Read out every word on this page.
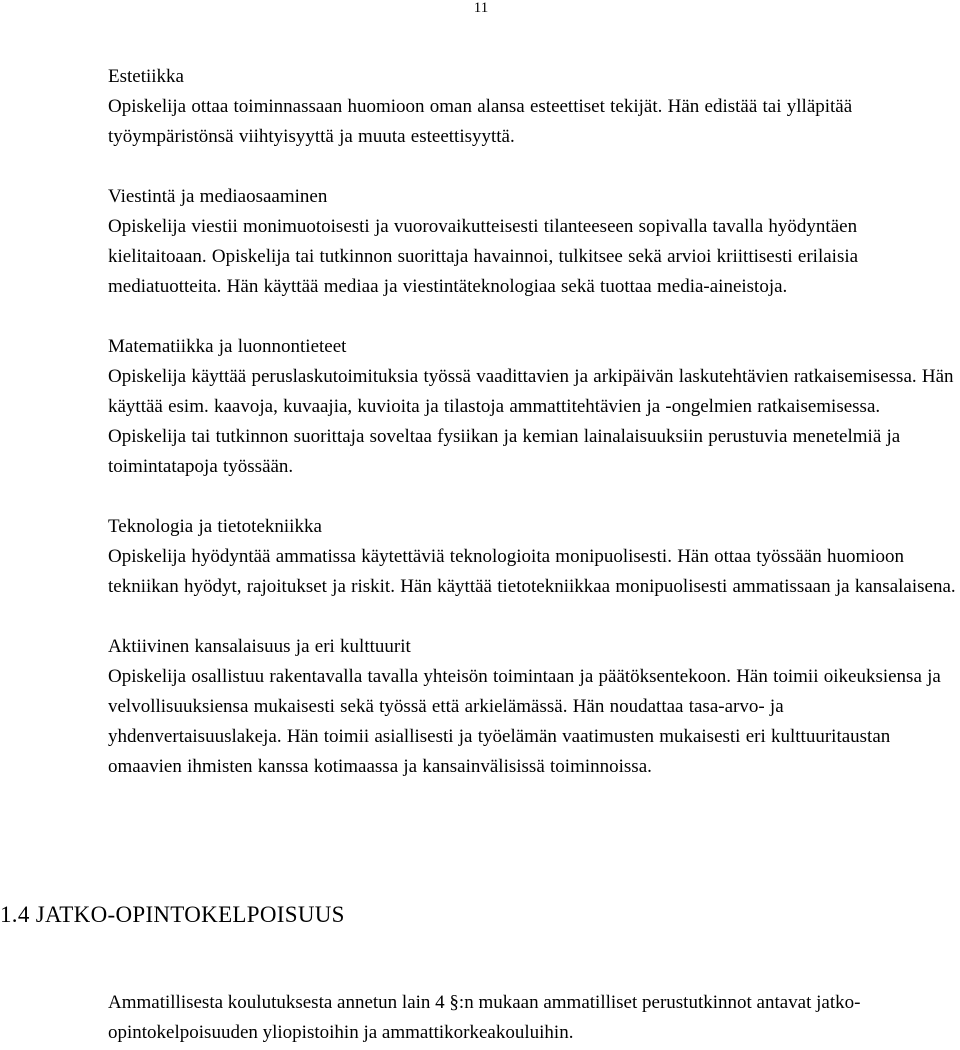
11
Estetiikka
Opiskelija ottaa toiminnassaan huomioon oman alansa esteettiset tekijät. Hän edistää tai ylläpitää työympäristönsä viihtyisyyttä ja muuta esteettisyyttä.
Viestintä ja mediaosaaminen
Opiskelija viestii monimuotoisesti ja vuorovaikutteisesti tilanteeseen sopivalla tavalla hyödyntäen kielitaitoaan. Opiskelija tai tutkinnon suorittaja havainnoi, tulkitsee sekä arvioi kriittisesti erilaisia mediatuotteita. Hän käyttää mediaa ja viestintäteknologiaa sekä tuottaa media-aineistoja.
Matematiikka ja luonnontieteet
Opiskelija käyttää peruslaskutoimituksia työssä vaadittavien ja arkipäivän laskutehtävien ratkaisemisessa. Hän käyttää esim. kaavoja, kuvaajia, kuvioita ja tilastoja ammattitehtävien ja -ongelmien ratkaisemisessa. Opiskelija tai tutkinnon suorittaja soveltaa fysiikan ja kemian lainalaisuuksiin perustuvia menetelmiä ja toimintatapoja työssään.
Teknologia ja tietotekniikka
Opiskelija hyödyntää ammatissa käytettäviä teknologioita monipuolisesti. Hän ottaa työssään huomioon tekniikan hyödyt, rajoitukset ja riskit. Hän käyttää tietotekniikkaa monipuolisesti ammatissaan ja kansalaisena.
Aktiivinen kansalaisuus ja eri kulttuurit
Opiskelija osallistuu rakentavalla tavalla yhteisön toimintaan ja päätöksentekoon. Hän toimii oikeuksiensa ja velvollisuuksiensa mukaisesti sekä työssä että arkielämässä. Hän noudattaa tasa-arvo- ja yhdenvertaisuuslakeja. Hän toimii asiallisesti ja työelämän vaatimusten mukaisesti eri kulttuuritaustan omaavien ihmisten kanssa kotimaassa ja kansainvälisissä toiminnoissa.
1.4 JATKO-OPINTOKELPOISUUS
Ammatillisesta koulutuksesta annetun lain 4 §:n mukaan ammatilliset perustutkinnot antavat jatko-opintokelpoisuuden yliopistoihin ja ammattikorkeakouluihin.
